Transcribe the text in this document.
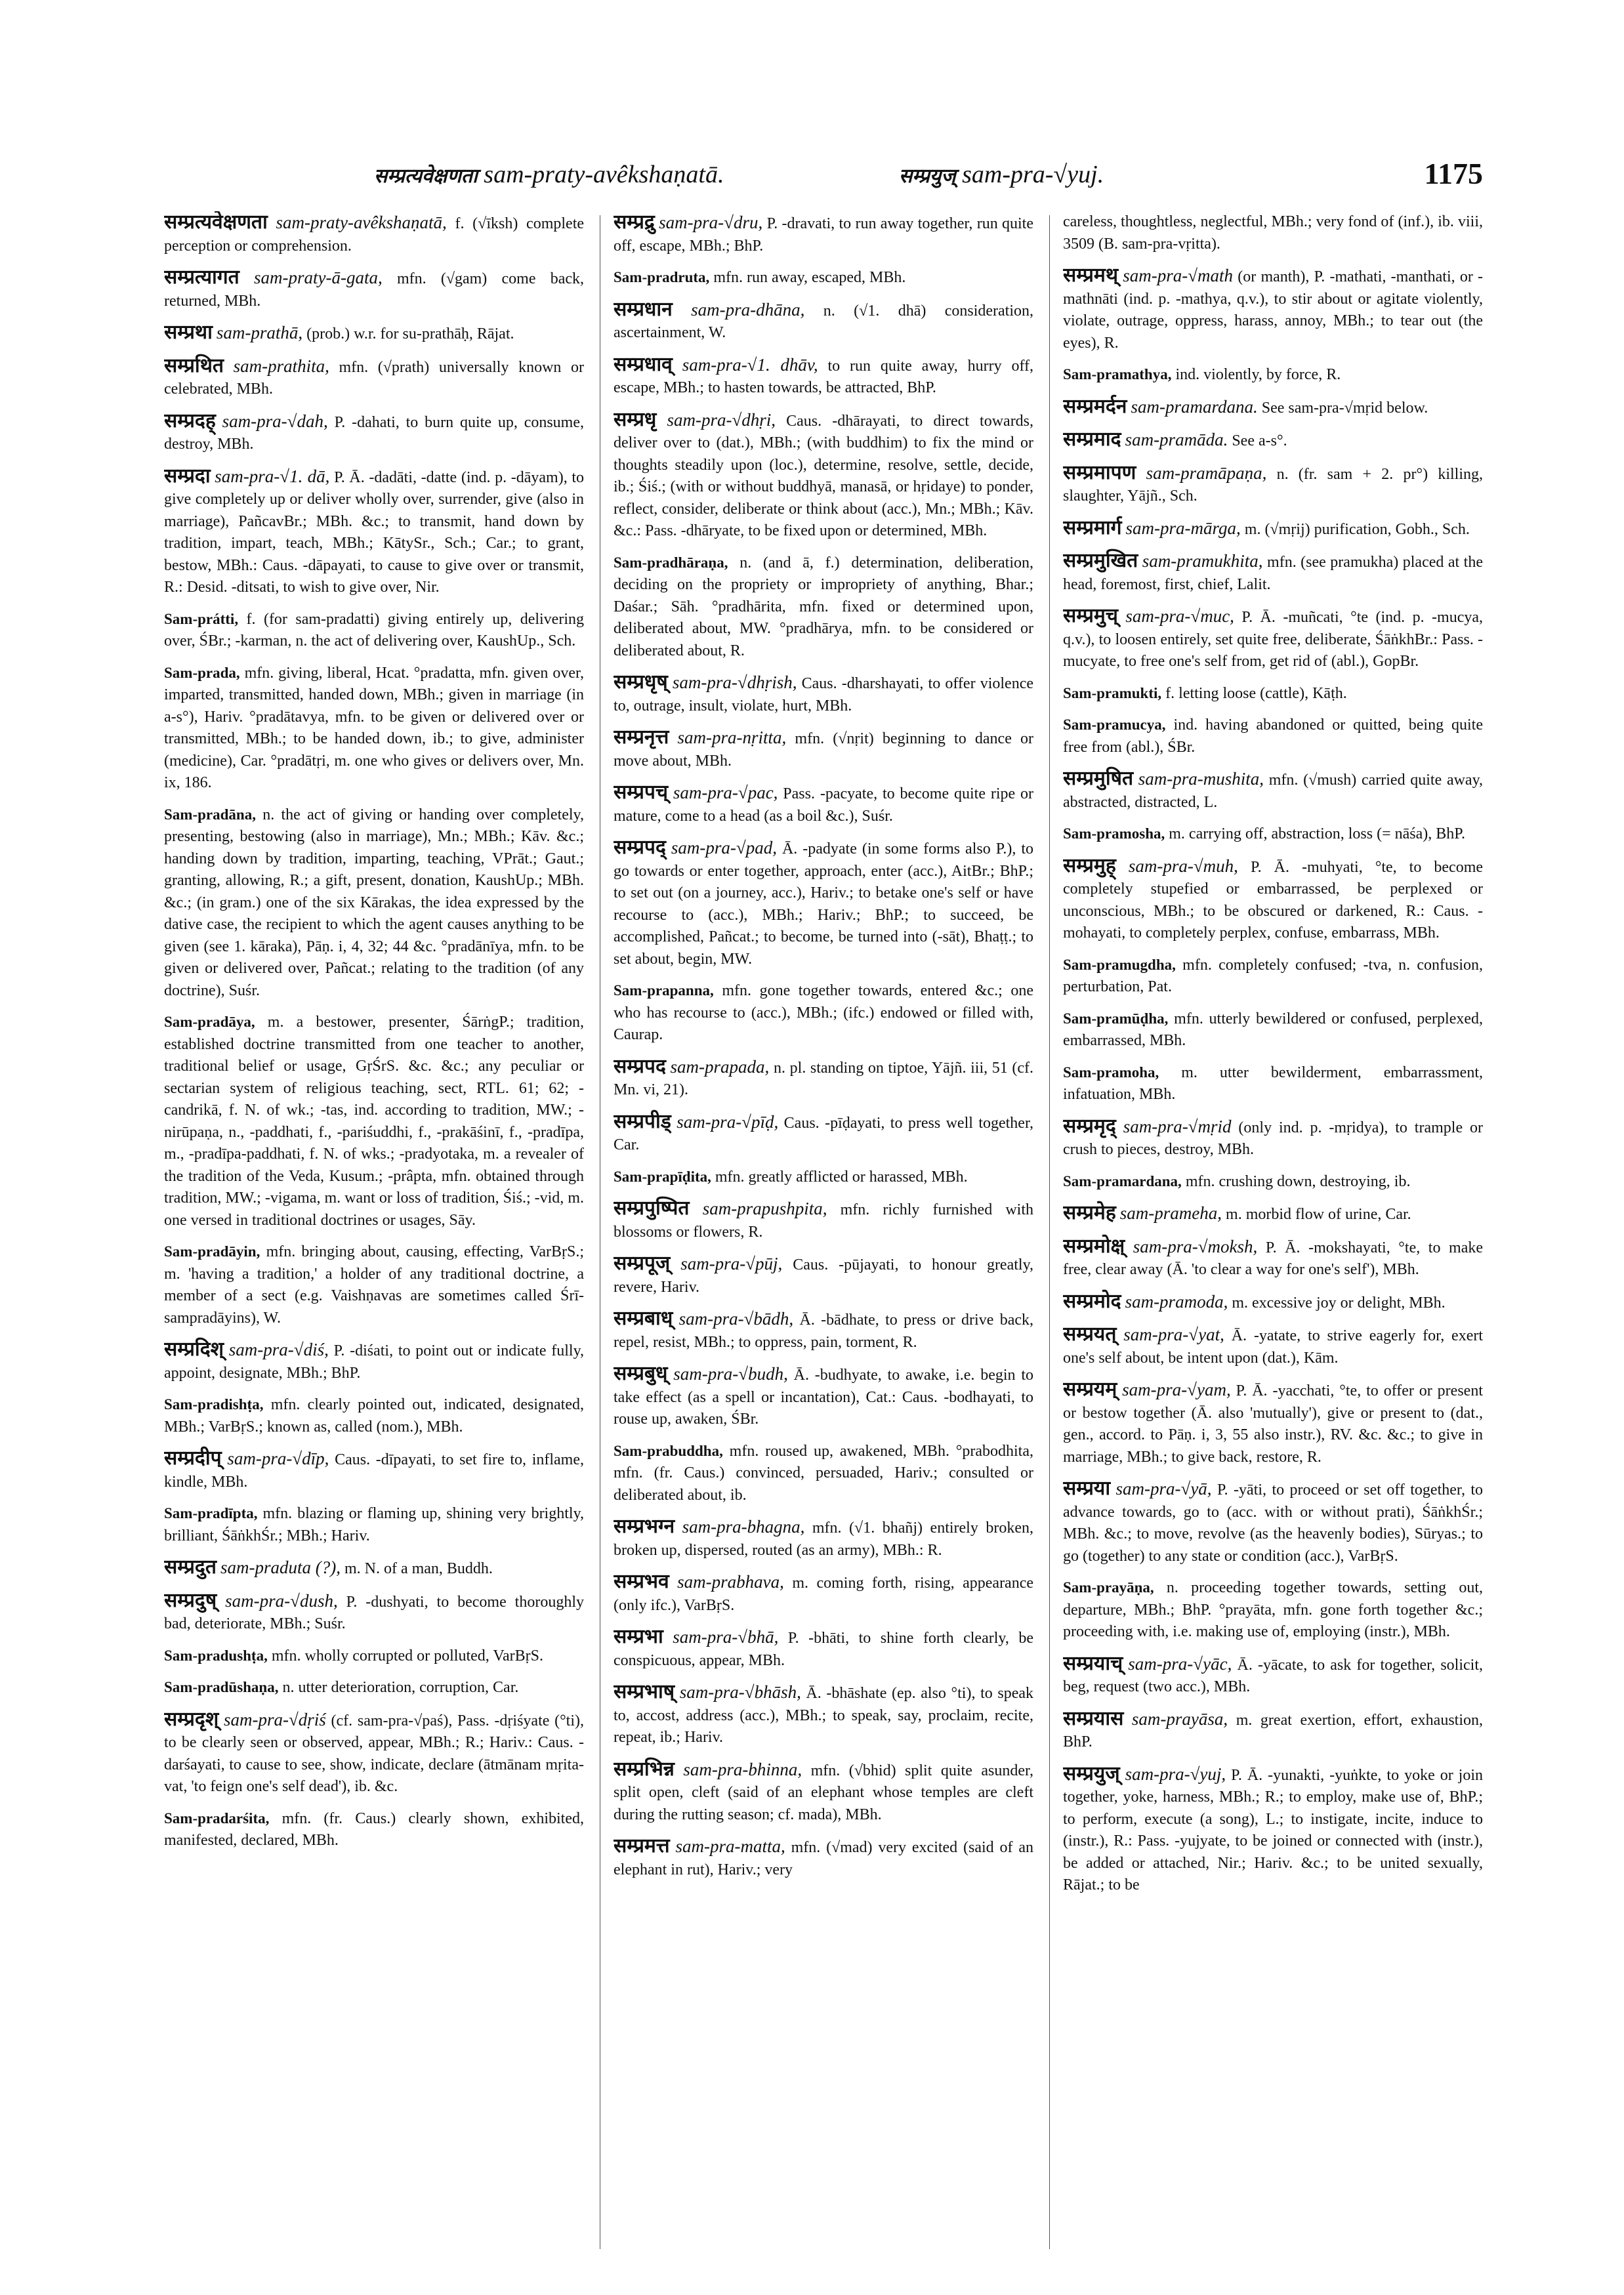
सम्प्रत्यवेक्षणता sam-praty-avêkshaṇatā.	सम्प्रयुज् sam-pra-√yuj.	1175
सम्प्रत्यवेक्षणता sam-praty-avêkshaṇatā, f. (√īksh) complete perception or comprehension.
सम्प्रत्यागत sam-praty-ā-gata, mfn. (√gam) come back, returned, MBh.
सम्प्रथा sam-prathā, (prob.) w.r. for su-prathāḥ, Rājat.
सम्प्रथित sam-prathita, mfn. (√prath) universally known or celebrated, MBh.
सम्प्रदह् sam-pra-√dah, P. -dahati, to burn quite up, consume, destroy, MBh.
सम्प्रदा sam-pra-√1. dā, P. Ā. -dadāti, -datte (ind. p. -dāyam), to give completely up or deliver wholly over, surrender, give (also in marriage), PañcavBr.; MBh. &c.; to transmit, hand down by tradition, impart, teach, MBh.; KātySr., Sch.; Car.; to grant, bestow, MBh.: Caus. -dāpayati, to cause to give over or transmit, R.: Desid. -ditsati, to wish to give over, Nir.
Sam-prátti, f. (for sam-pradatti) giving entirely up, delivering over, ŚBr.; -karman, n. the act of delivering over, KaushUp., Sch.
Sam-prada, mfn. giving, liberal, Hcat. °pradatta, mfn. given over, imparted, transmitted, handed down, MBh.; given in marriage (in a-s°), Hariv. °pradātavya, mfn. to be given or delivered over or transmitted, MBh.; to be handed down, ib.; to give, administer (medicine), Car. °pradātṛi, m. one who gives or delivers over, Mn. ix, 186.
Sam-pradāna, n. the act of giving or handing over completely, presenting, bestowing (also in marriage), Mn.; MBh.; Kāv. &c.; handing down by tradition, imparting, teaching, VPrāt.; Gaut.; granting, allowing, R.; a gift, present, donation, KaushUp.; MBh. &c.; (in gram.) one of the six Kārakas, the idea expressed by the dative case, the recipient to which the agent causes anything to be given (see 1. kāraka), Pāṇ. i, 4, 32; 44 &c. °pradānīya, mfn. to be given or delivered over, Pañcat.; relating to the tradition (of any doctrine), Suśr.
Sam-pradāya, m. a bestower, presenter, ŚārṅgP.; tradition, established doctrine transmitted from one teacher to another, traditional belief or usage, GṛŚrS. &c. &c.; any peculiar or sectarian system of religious teaching, sect, RTL. 61; 62; -candrikā, f. N. of wk.; -tas, ind. according to tradition, MW.; -nirūpaṇa, n., -paddhati, f., -pariśuddhi, f., -prakāśinī, f., -pradīpa, m., -pradīpa-paddhati, f. N. of wks.; -pradyotaka, m. a revealer of the tradition of the Veda, Kusum.; -prâpta, mfn. obtained through tradition, MW.; -vigama, m. want or loss of tradition, Śiś.; -vid, m. one versed in traditional doctrines or usages, Sāy.
Sam-pradāyin, mfn. bringing about, causing, effecting, VarBṛS.; m. 'having a tradition,' a holder of any traditional doctrine, a member of a sect (e.g. Vaishṇavas are sometimes called Śrī-sampradāyins), W.
सम्प्रदिश् sam-pra-√diś, P. -diśati, to point out or indicate fully, appoint, designate, MBh.; BhP.
Sam-pradishṭa, mfn. clearly pointed out, indicated, designated, MBh.; VarBṛS.; known as, called (nom.), MBh.
सम्प्रदीप् sam-pra-√dīp, Caus. -dīpayati, to set fire to, inflame, kindle, MBh.
Sam-pradīpta, mfn. blazing or flaming up, shining very brightly, brilliant, ŚāṅkhŚr.; MBh.; Hariv.
सम्प्रदुत sam-praduta (?), m. N. of a man, Buddh.
सम्प्रदुष् sam-pra-√dush, P. -dushyati, to become thoroughly bad, deteriorate, MBh.; Suśr.
Sam-pradushṭa, mfn. wholly corrupted or polluted, VarBṛS.
Sam-pradūshaṇa, n. utter deterioration, corruption, Car.
सम्प्रदृश् sam-pra-√dṛiś (cf. sam-pra-√paś), Pass. -dṛiśyate (°ti), to be clearly seen or observed, appear, MBh.; R.; Hariv.: Caus. -darśayati, to cause to see, show, indicate, declare (ātmānam mṛita-vat, 'to feign one's self dead'), ib. &c.
Sam-pradarśita, mfn. (fr. Caus.) clearly shown, exhibited, manifested, declared, MBh.
सम्प्रद्रु sam-pra-√dru, P. -dravati, to run away together, run quite off, escape, MBh.; BhP.
Sam-pradruta, mfn. run away, escaped, MBh.
सम्प्रधान sam-pra-dhāna, n. (√1. dhā) consideration, ascertainment, W.
सम्प्रधाव् sam-pra-√1. dhāv, to run quite away, hurry off, escape, MBh.; to hasten towards, be attracted, BhP.
सम्प्रधृ sam-pra-√dhṛi, Caus. -dhārayati, to direct towards, deliver over to (dat.), MBh.; (with buddhim) to fix the mind or thoughts steadily upon (loc.), determine, resolve, settle, decide, ib.; Śiś.; (with or without buddhyā, manasā, or hṛidaye) to ponder, reflect, consider, deliberate or think about (acc.), Mn.; MBh.; Kāv. &c.: Pass. -dhāryate, to be fixed upon or determined, MBh.
Sam-pradhāraṇa, n. (and ā, f.) determination, deliberation, deciding on the propriety or impropriety of anything, Bhar.; Daśar.; Sāh. °pradhārita, mfn. fixed or determined upon, deliberated about, MW. °pradhārya, mfn. to be considered or deliberated about, R.
सम्प्रधृष् sam-pra-√dhṛish, Caus. -dharshayati, to offer violence to, outrage, insult, violate, hurt, MBh.
सम्प्रनृत्त sam-pra-nṛitta, mfn. (√nṛit) beginning to dance or move about, MBh.
सम्प्रपच् sam-pra-√pac, Pass. -pacyate, to become quite ripe or mature, come to a head (as a boil &c.), Suśr.
सम्प्रपद् sam-pra-√pad, Ā. -padyate (in some forms also P.), to go towards or enter together, approach, enter (acc.), AitBr.; BhP.; to set out (on a journey, acc.), Hariv.; to betake one's self or have recourse to (acc.), MBh.; Hariv.; BhP.; to succeed, be accomplished, Pañcat.; to become, be turned into (-sāt), Bhaṭṭ.; to set about, begin, MW.
Sam-prapanna, mfn. gone together towards, entered &c.; one who has recourse to (acc.), MBh.; (ifc.) endowed or filled with, Caurap.
सम्प्रपद sam-prapada, n. pl. standing on tiptoe, Yājñ. iii, 51 (cf. Mn. vi, 21).
सम्प्रपीड् sam-pra-√pīḍ, Caus. -pīḍayati, to press well together, Car.
Sam-prapīḍita, mfn. greatly afflicted or harassed, MBh.
सम्प्रपुष्पित sam-prapushpita, mfn. richly furnished with blossoms or flowers, R.
सम्प्रपूज् sam-pra-√pūj, Caus. -pūjayati, to honour greatly, revere, Hariv.
सम्प्रबाध् sam-pra-√bādh, Ā. -bādhate, to press or drive back, repel, resist, MBh.; to oppress, pain, torment, R.
सम्प्रबुध् sam-pra-√budh, Ā. -budhyate, to awake, i.e. begin to take effect (as a spell or incantation), Cat.: Caus. -bodhayati, to rouse up, awaken, ŚBr.
Sam-prabuddha, mfn. roused up, awakened, MBh. °prabodhita, mfn. (fr. Caus.) convinced, persuaded, Hariv.; consulted or deliberated about, ib.
सम्प्रभग्न sam-pra-bhagna, mfn. (√1. bhañj) entirely broken, broken up, dispersed, routed (as an army), MBh.: R.
सम्प्रभव sam-prabhava, m. coming forth, rising, appearance (only ifc.), VarBṛS.
सम्प्रभा sam-pra-√bhā, P. -bhāti, to shine forth clearly, be conspicuous, appear, MBh.
सम्प्रभाष् sam-pra-√bhāsh, Ā. -bhāshate (ep. also °ti), to speak to, accost, address (acc.), MBh.; to speak, say, proclaim, recite, repeat, ib.; Hariv.
सम्प्रभिन्न sam-pra-bhinna, mfn. (√bhid) split quite asunder, split open, cleft (said of an elephant whose temples are cleft during the rutting season; cf. mada), MBh.
सम्प्रमत्त sam-pra-matta, mfn. (√mad) very excited (said of an elephant in rut), Hariv.; very
careless, thoughtless, neglectful, MBh.; very fond of (inf.), ib. viii, 3509 (B. sam-pra-vṛitta).
सम्प्रमथ् sam-pra-√math (or manth), P. -mathati, -manthati, or -mathnāti (ind. p. -mathya, q.v.), to stir about or agitate violently, violate, outrage, oppress, harass, annoy, MBh.; to tear out (the eyes), R.
Sam-pramathya, ind. violently, by force, R.
सम्प्रमर्दन sam-pramardana. See sam-pra-√mṛid below.
सम्प्रमाद sam-pramāda. See a-s°.
सम्प्रमापण sam-pramāpaṇa, n. (fr. sam + 2. pr°) killing, slaughter, Yājñ., Sch.
सम्प्रमार्ग sam-pra-mārga, m. (√mṛij) purification, Gobh., Sch.
सम्प्रमुखित sam-pramukhita, mfn. (see pramukha) placed at the head, foremost, first, chief, Lalit.
सम्प्रमुच् sam-pra-√muc, P. Ā. -muñcati, °te (ind. p. -mucya, q.v.), to loosen entirely, set quite free, deliberate, ŚāṅkhBr.: Pass. -mucyate, to free one's self from, get rid of (abl.), GopBr.
Sam-pramukti, f. letting loose (cattle), Kāṭh.
Sam-pramucya, ind. having abandoned or quitted, being quite free from (abl.), ŚBr.
सम्प्रमुषित sam-pra-mushita, mfn. (√mush) carried quite away, abstracted, distracted, L.
Sam-pramosha, m. carrying off, abstraction, loss (= nāśa), BhP.
सम्प्रमुह् sam-pra-√muh, P. Ā. -muhyati, °te, to become completely stupefied or embarrassed, be perplexed or unconscious, MBh.; to be obscured or darkened, R.: Caus. -mohayati, to completely perplex, confuse, embarrass, MBh.
Sam-pramugdha, mfn. completely confused; -tva, n. confusion, perturbation, Pat.
Sam-pramūḍha, mfn. utterly bewildered or confused, perplexed, embarrassed, MBh.
Sam-pramoha, m. utter bewilderment, embarrassment, infatuation, MBh.
सम्प्रमृद् sam-pra-√mṛid (only ind. p. -mṛidya), to trample or crush to pieces, destroy, MBh.
Sam-pramardana, mfn. crushing down, destroying, ib.
सम्प्रमेह sam-prameha, m. morbid flow of urine, Car.
सम्प्रमोक्ष् sam-pra-√moksh, P. Ā. -mokshayati, °te, to make free, clear away (Ā. 'to clear a way for one's self'), MBh.
सम्प्रमोद sam-pramoda, m. excessive joy or delight, MBh.
सम्प्रयत् sam-pra-√yat, Ā. -yatate, to strive eagerly for, exert one's self about, be intent upon (dat.), Kām.
सम्प्रयम् sam-pra-√yam, P. Ā. -yacchati, °te, to offer or present or bestow together (Ā. also 'mutually'), give or present to (dat., gen., accord. to Pāṇ. i, 3, 55 also instr.), RV. &c. &c.; to give in marriage, MBh.; to give back, restore, R.
सम्प्रया sam-pra-√yā, P. -yāti, to proceed or set off together, to advance towards, go to (acc. with or without prati), ŚāṅkhŚr.; MBh. &c.; to move, revolve (as the heavenly bodies), Sūryas.; to go (together) to any state or condition (acc.), VarBṛS.
Sam-prayāṇa, n. proceeding together towards, setting out, departure, MBh.; BhP. °prayāta, mfn. gone forth together &c.; proceeding with, i.e. making use of, employing (instr.), MBh.
सम्प्रयाच् sam-pra-√yāc, Ā. -yācate, to ask for together, solicit, beg, request (two acc.), MBh.
सम्प्रयास sam-prayāsa, m. great exertion, effort, exhaustion, BhP.
सम्प्रयुज् sam-pra-√yuj, P. Ā. -yunakti, -yuṅkte, to yoke or join together, yoke, harness, MBh.; R.; to employ, make use of, BhP.; to perform, execute (a song), L.; to instigate, incite, induce to (instr.), R.: Pass. -yujyate, to be joined or connected with (instr.), be added or attached, Nir.; Hariv. &c.; to be united sexually, Rājat.; to be
